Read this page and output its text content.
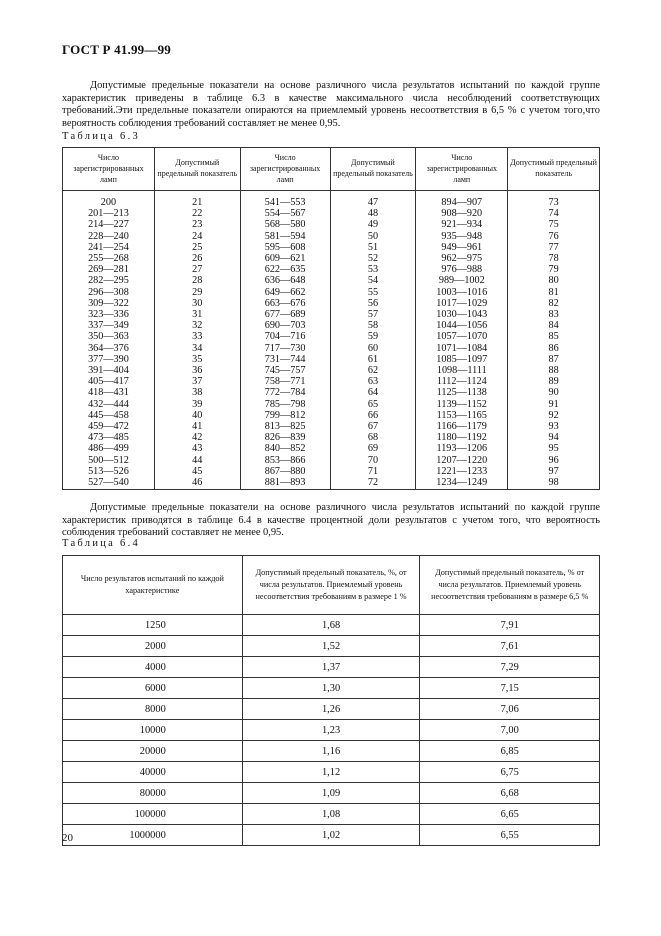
ГОСТ Р 41.99—99

Допустимые предельные показатели на основе различного числа результатов испытаний по каждой группе характеристик приведены в таблице 6.3 в качестве максимального числа несоблюдений соответствующих требований.Эти предельные показатели опираются на приемлемый уровень несоответствия в 6,5 % с учетом того,что вероятность соблюдения требований составляет не менее 0,95.

Таблица 6.3
Число зарегистрированных ламп	Допустимый предельный показатель	Число зарегистрированных ламп	Допустимый предельный показатель	Число зарегистрированных ламп	Допустимый предельный показатель
200	21	541—553	47	894—907	73
201—213	22	554—567	48	908—920	74
214—227	23	568—580	49	921—934	75
228—240	24	581—594	50	935—948	76
241—254	25	595—608	51	949—961	77
255—268	26	609—621	52	962—975	78
269—281	27	622—635	53	976—988	79
282—295	28	636—648	54	989—1002	80
296—308	29	649—662	55	1003—1016	81
309—322	30	663—676	56	1017—1029	82
323—336	31	677—689	57	1030—1043	83
337—349	32	690—703	58	1044—1056	84
350—363	33	704—716	59	1057—1070	85
364—376	34	717—730	60	1071—1084	86
377—390	35	731—744	61	1085—1097	87
391—404	36	745—757	62	1098—1111	88
405—417	37	758—771	63	1112—1124	89
418—431	38	772—784	64	1125—1138	90
432—444	39	785—798	65	1139—1152	91
445—458	40	799—812	66	1153—1165	92
459—472	41	813—825	67	1166—1179	93
473—485	42	826—839	68	1180—1192	94
486—499	43	840—852	69	1193—1206	95
500—512	44	853—866	70	1207—1220	96
513—526	45	867—880	71	1221—1233	97
527—540	46	881—893	72	1234—1249	98

Допустимые предельные показатели на основе различного числа результатов испытаний по каждой группе характеристик приводятся в таблице 6.4 в качестве процентной доли результатов с учетом того, что вероятность соблюдения требований составляет не менее 0,95.

Таблица 6.4
Число результатов испытаний по каждой характеристике	Допустимый предельный показатель, %, от числа результатов. Приемлемый уровень несоответствия требованиям в размере 1 %	Допустимый предельный показатель, % от числа результатов. Приемлемый уровень несоответствия требованиям в размере 6,5 %
1250	1,68	7,91
2000	1,52	7,61
4000	1,37	7,29
6000	1,30	7,15
8000	1,26	7,06
10000	1,23	7,00
20000	1,16	6,85
40000	1,12	6,75
80000	1,09	6,68
100000	1,08	6,65
1000000	1,02	6,55
20
